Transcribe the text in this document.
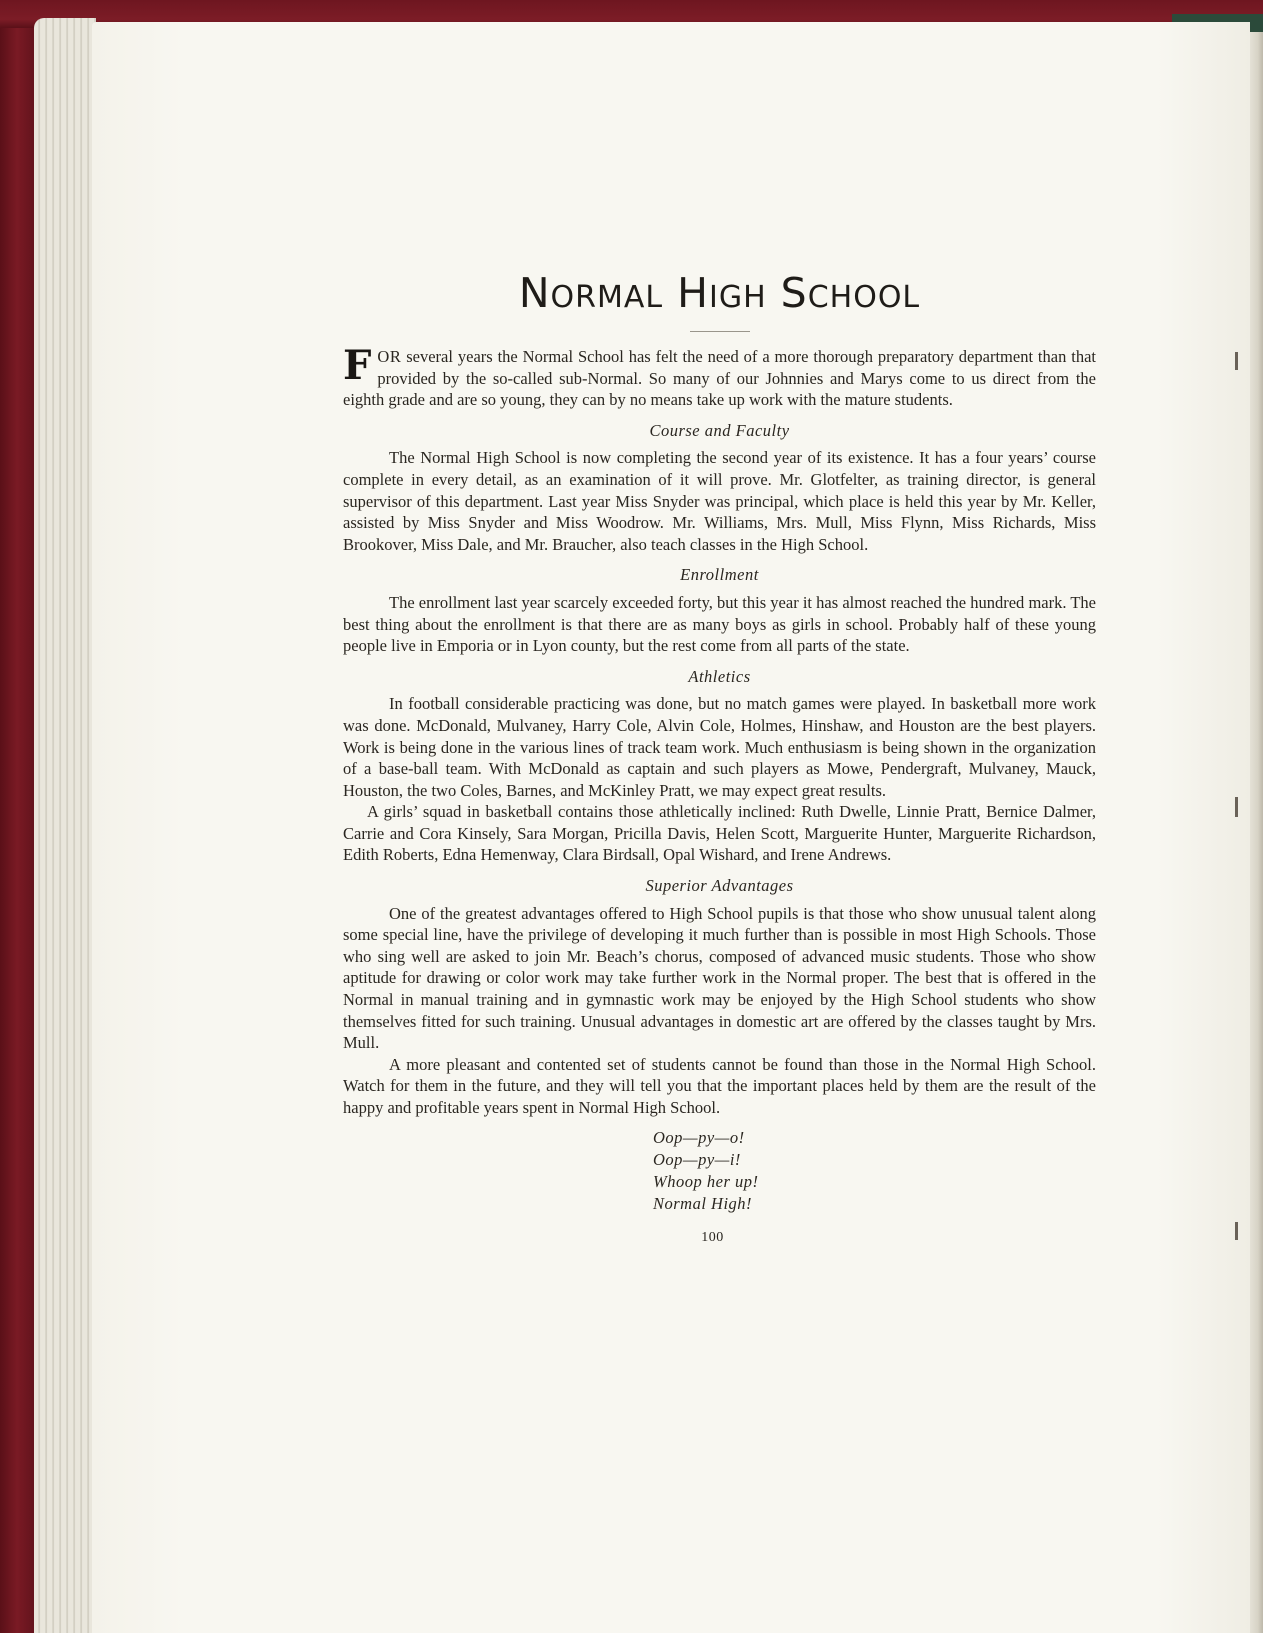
NORMAL HIGH SCHOOL

FOR several years the Normal School has felt the need of a more thorough preparatory department than that provided by the so-called sub-Normal. So many of our Johnnies and Marys come to us direct from the eighth grade and are so young, they can by no means take up work with the mature students.

Course and Faculty

The Normal High School is now completing the second year of its existence. It has a four years’ course complete in every detail, as an examination of it will prove. Mr. Glotfelter, as training director, is general supervisor of this department. Last year Miss Snyder was principal, which place is held this year by Mr. Keller, assisted by Miss Snyder and Miss Woodrow. Mr. Williams, Mrs. Mull, Miss Flynn, Miss Richards, Miss Brookover, Miss Dale, and Mr. Braucher, also teach classes in the High School.

Enrollment

The enrollment last year scarcely exceeded forty, but this year it has almost reached the hundred mark. The best thing about the enrollment is that there are as many boys as girls in school. Probably half of these young people live in Emporia or in Lyon county, but the rest come from all parts of the state.

Athletics

In football considerable practicing was done, but no match games were played. In basketball more work was done. McDonald, Mulvaney, Harry Cole, Alvin Cole, Holmes, Hinshaw, and Houston are the best players. Work is being done in the various lines of track team work. Much enthusiasm is being shown in the organization of a base-ball team. With McDonald as captain and such players as Mowe, Pendergraft, Mulvaney, Mauck, Houston, the two Coles, Barnes, and McKinley Pratt, we may expect great results.

A girls’ squad in basketball contains those athletically inclined: Ruth Dwelle, Linnie Pratt, Bernice Dalmer, Carrie and Cora Kinsely, Sara Morgan, Pricilla Davis, Helen Scott, Marguerite Hunter, Marguerite Richardson, Edith Roberts, Edna Hemenway, Clara Birdsall, Opal Wishard, and Irene Andrews.

Superior Advantages

One of the greatest advantages offered to High School pupils is that those who show unusual talent along some special line, have the privilege of developing it much further than is possible in most High Schools. Those who sing well are asked to join Mr. Beach’s chorus, composed of advanced music students. Those who show aptitude for drawing or color work may take further work in the Normal proper. The best that is offered in the Normal in manual training and in gymnastic work may be enjoyed by the High School students who show themselves fitted for such training. Unusual advantages in domestic art are offered by the classes taught by Mrs. Mull.

A more pleasant and contented set of students cannot be found than those in the Normal High School. Watch for them in the future, and they will tell you that the important places held by them are the result of the happy and profitable years spent in Normal High School.

Oop—py—o!
Oop—py—i!
Whoop her up!
Normal High!
100
